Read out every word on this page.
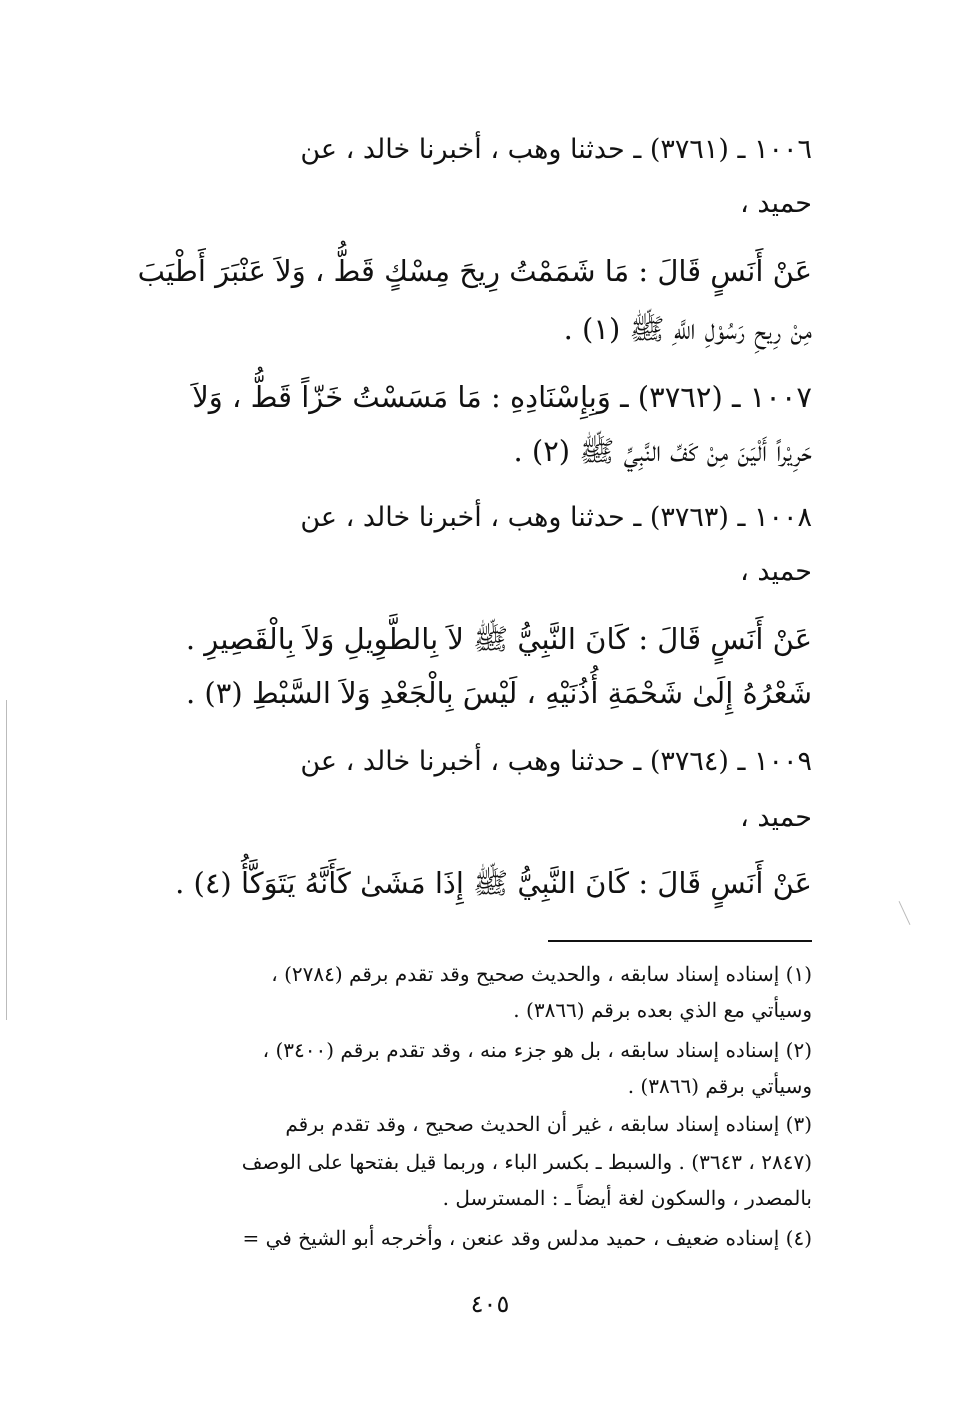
١٠٠٦ ـ (٣٧٦١) ـ حدثنا وهب ، أخبرنا خالد ، عن
حميد ،
عَنْ أَنَسٍ قَالَ : مَا شَمَمْتُ رِيحَ مِسْكٍ قَطُّ ، وَلاَ عَنْبَرَ أَطْيَبَ
مِنْ رِيحِ رَسُوْلِ اللَّهِ ﷺ (١) .
١٠٠٧ ـ (٣٧٦٢) ـ وَبِإِسْنَادِهِ : مَا مَسَسْتُ خَزّاً قَطُّ ، وَلاَ
حَرِيْراً أَلْيَنَ مِنْ كَفِّ النَّبِيِّ ﷺ (٢) .
١٠٠٨ ـ (٣٧٦٣) ـ حدثنا وهب ، أخبرنا خالد ، عن
حميد ،
عَنْ أَنَسٍ قَالَ : كَانَ النَّبِيُّ ﷺ لاَ بِالطَّوِيلِ وَلاَ بِالْقَصِيرِ .
شَعْرُهُ إِلَىٰ شَحْمَةِ أُذُنَيْهِ ، لَيْسَ بِالْجَعْدِ وَلاَ السَّبْطِ (٣) .
١٠٠٩ ـ (٣٧٦٤) ـ حدثنا وهب ، أخبرنا خالد ، عن
حميد ،
عَنْ أَنَسٍ قَالَ : كَانَ النَّبِيُّ ﷺ إِذَا مَشَىٰ كَأَنَّهُ يَتَوَكَّأُ (٤) .
(١) إسناده إسناد سابقه ، والحديث صحيح وقد تقدم برقم (٢٧٨٤) ،
وسيأتي مع الذي بعده برقم (٣٨٦٦) .
(٢) إسناده إسناد سابقه ، بل هو جزء منه ، وقد تقدم برقم (٣٤٠٠) ،
وسيأتي برقم (٣٨٦٦) .
(٣) إسناده إسناد سابقه ، غير أن الحديث صحيح ، وقد تقدم برقم
(٢٨٤٧ ، ٣٦٤٣) . والسبط ـ بكسر الباء ، وربما قيل بفتحها على الوصف
بالمصدر ، والسكون لغة أيضاً ـ : المسترسل .
(٤) إسناده ضعيف ، حميد مدلس وقد عنعن ، وأخرجه أبو الشيخ في =
٤٠٥
